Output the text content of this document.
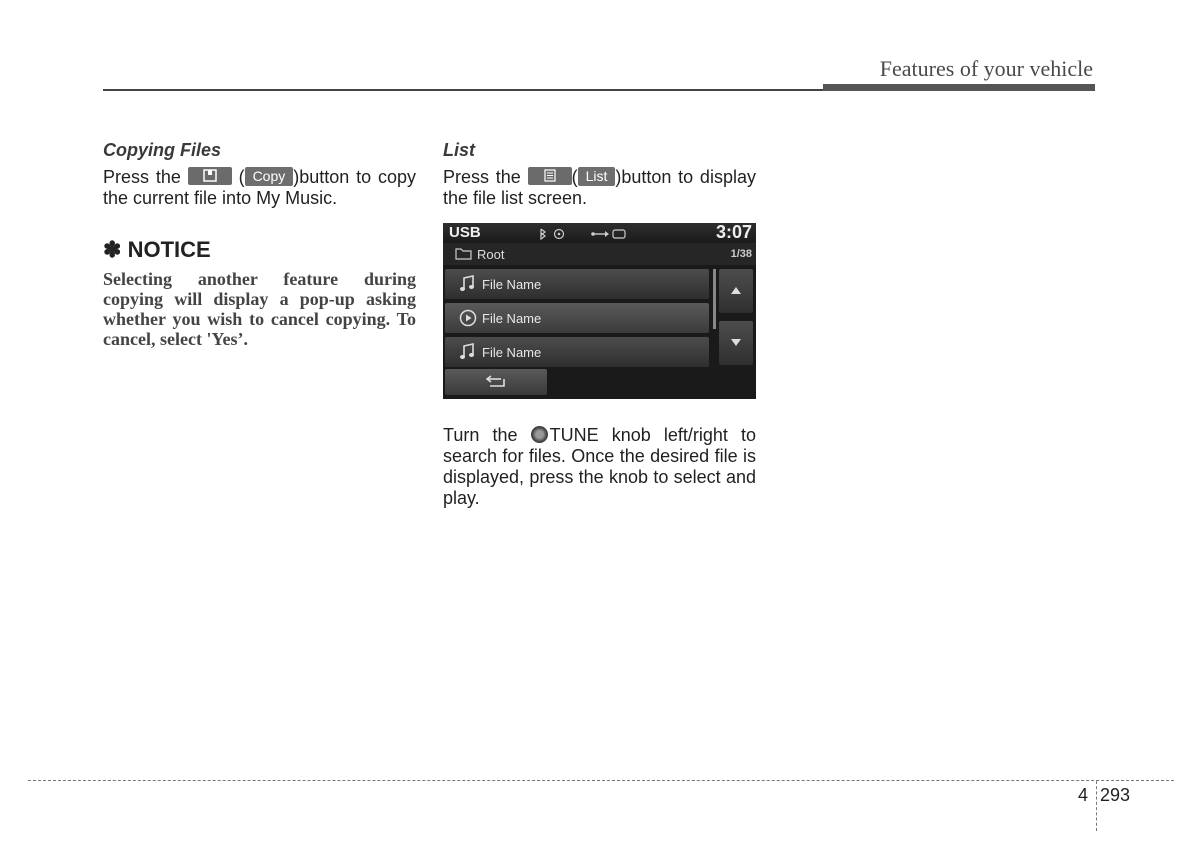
Features of your vehicle
Copying Files

Press the	( Copy )button to copy the current file into My Music.

✽ NOTICE

Selecting another feature during copying will display a pop-up asking whether you wish to cancel copying. To cancel, select 'Yes’.

List

Press the	( List )button to display the file list screen.

USB	3:07
Root	1/38
File Name
File Name
File Name

Turn the TUNE knob left/right to search for files. Once the desired file is displayed, press the knob to select and play.

4 293
